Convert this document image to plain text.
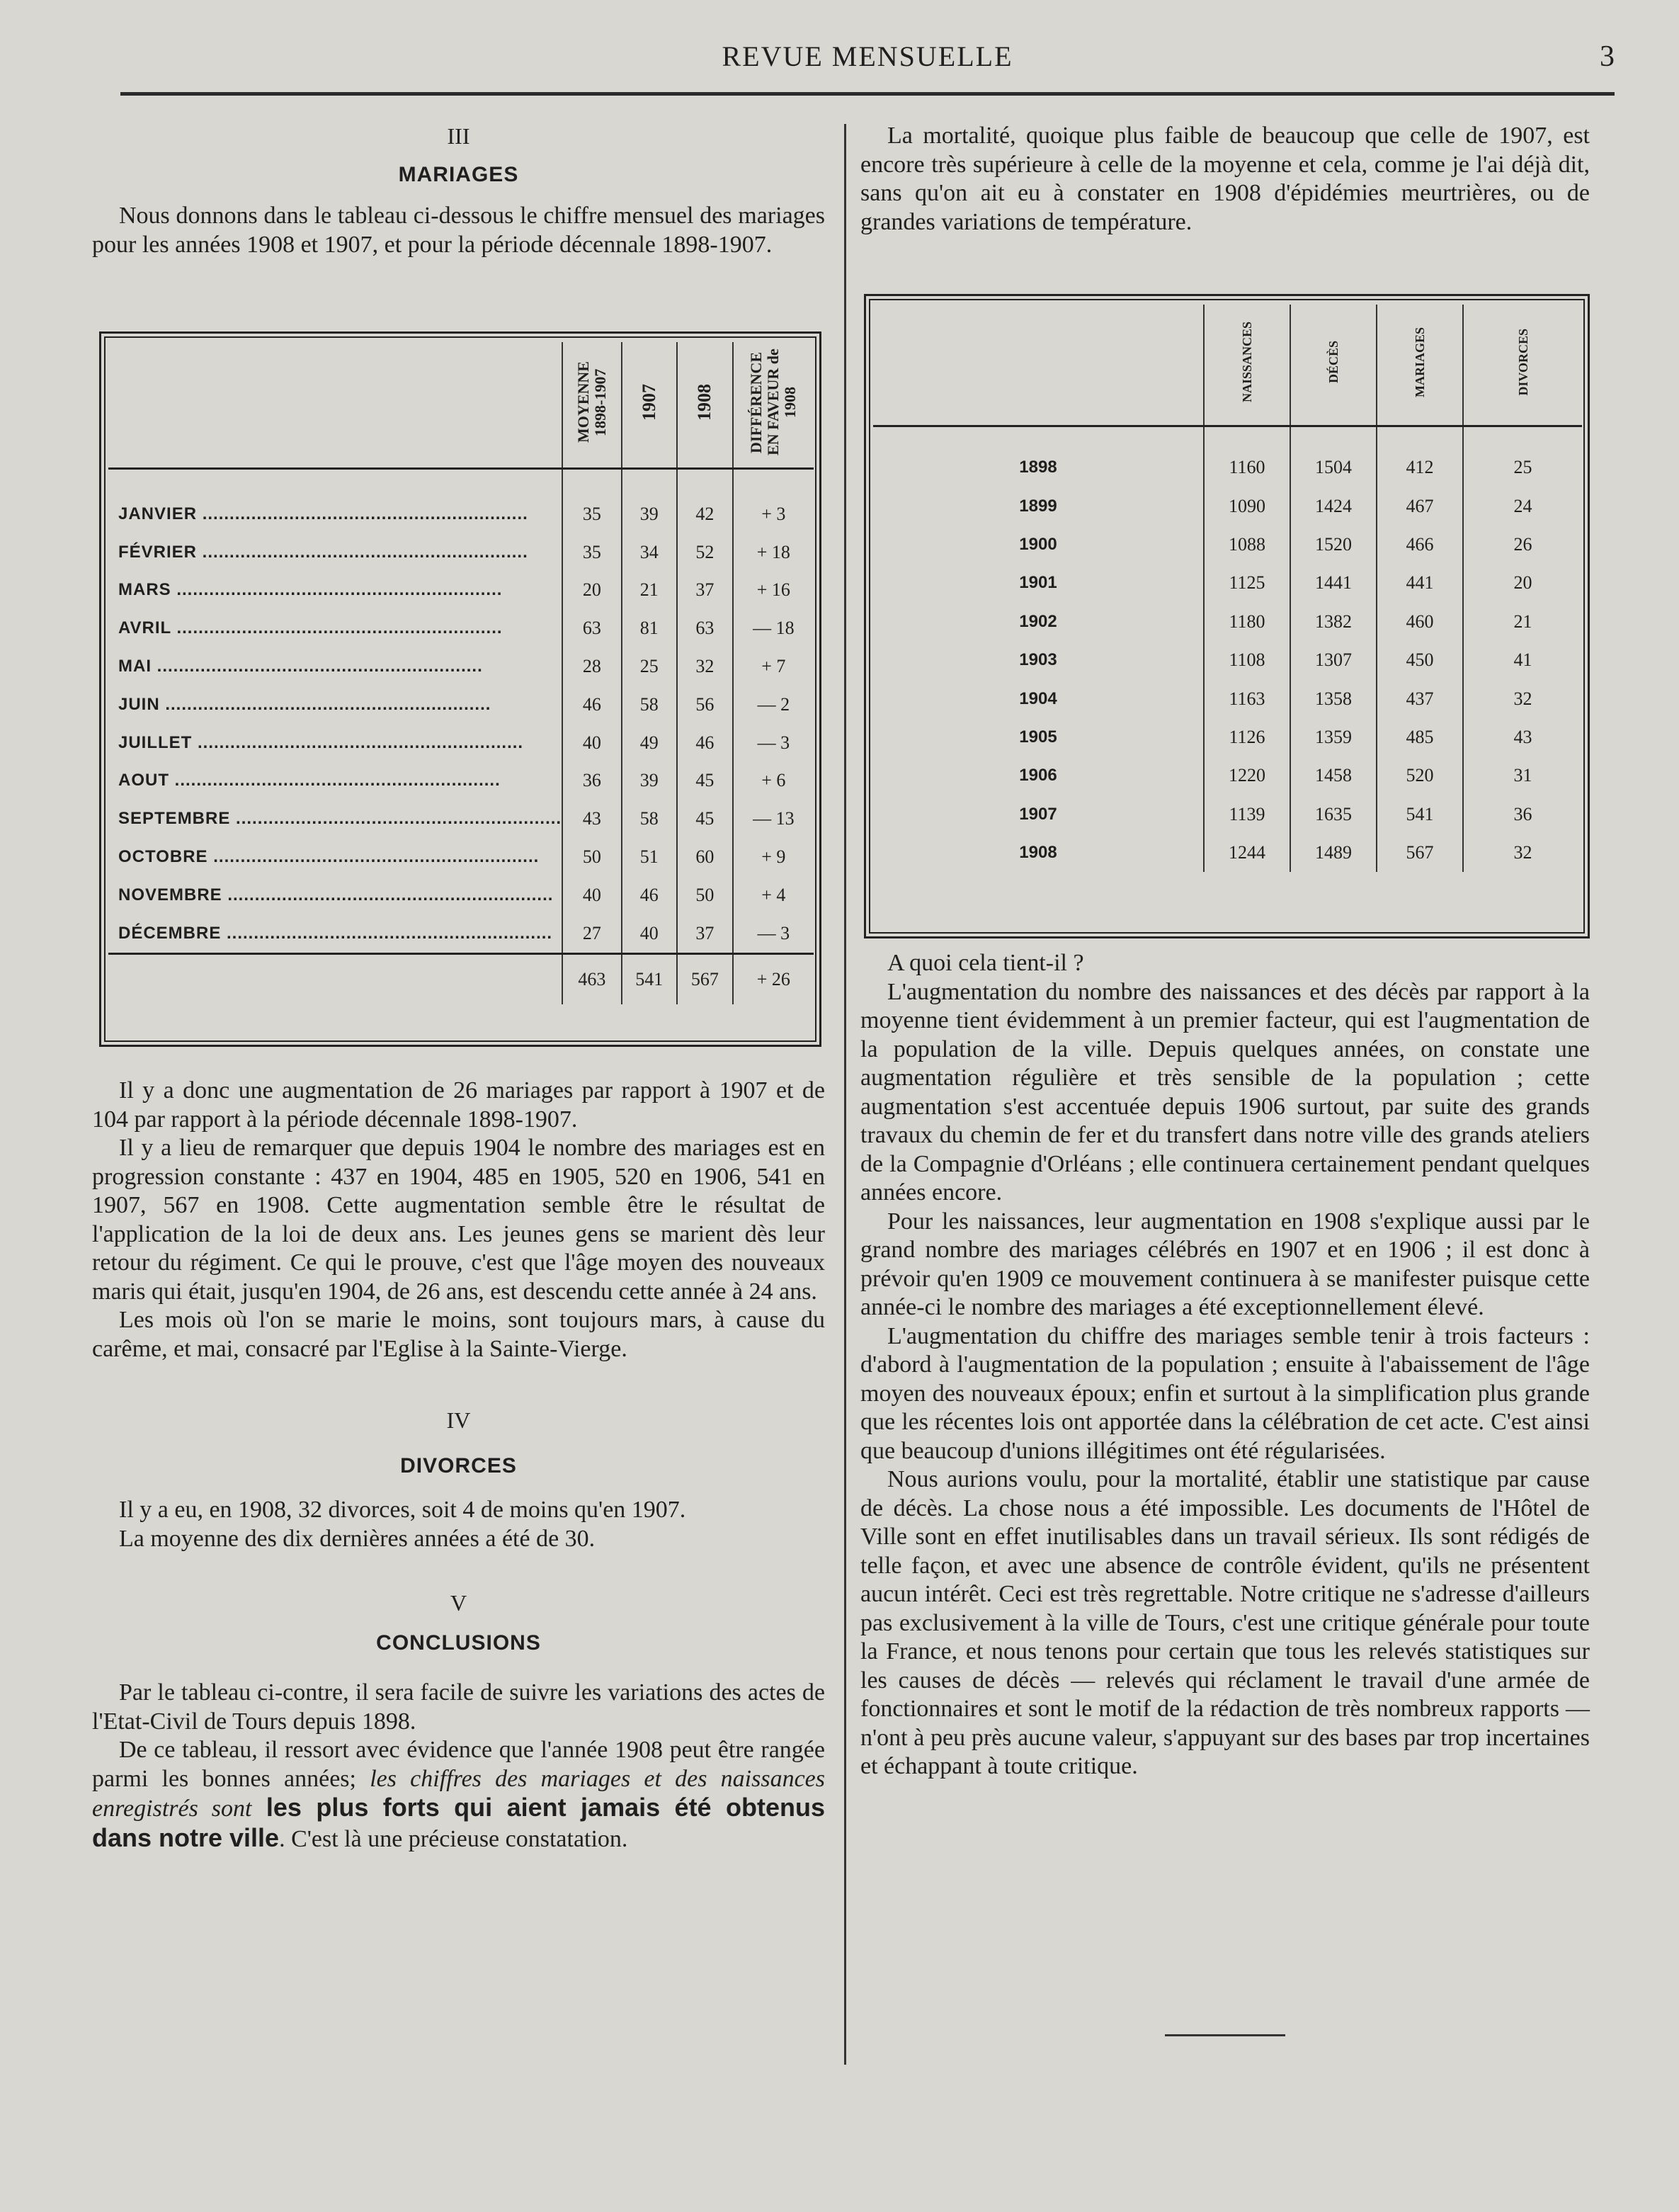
REVUE MENSUELLE	3
III
MARIAGES

Nous donnons dans le tableau ci-dessous le chiffre mensuel des mariages pour les années 1908 et 1907, et pour la période décennale 1898-1907.

	MOYENNE 1898-1907	1907	1908	DIFFÉRENCE EN FAVEUR de 1908

JANVIER ............................................................	35	39	42	+ 3
FÉVRIER ............................................................	35	34	52	+ 18
MARS ............................................................	20	21	37	+ 16
AVRIL ............................................................	63	81	63	— 18
MAI ............................................................	28	25	32	+ 7
JUIN ............................................................	46	58	56	— 2
JUILLET ............................................................	40	49	46	— 3
AOUT ............................................................	36	39	45	+ 6
SEPTEMBRE ............................................................	43	58	45	— 13
OCTOBRE ............................................................	50	51	60	+ 9
NOVEMBRE ............................................................	40	46	50	+ 4
DÉCEMBRE ............................................................	27	40	37	— 3
	463	541	567	+ 26

Il y a donc une augmentation de 26 mariages par rapport à 1907 et de 104 par rapport à la période décennale 1898-1907.

Il y a lieu de remarquer que depuis 1904 le nombre des mariages est en progression constante : 437 en 1904, 485 en 1905, 520 en 1906, 541 en 1907, 567 en 1908. Cette augmentation semble être le résultat de l'application de la loi de deux ans. Les jeunes gens se marient dès leur retour du régiment. Ce qui le prouve, c'est que l'âge moyen des nouveaux maris qui était, jusqu'en 1904, de 26 ans, est descendu cette année à 24 ans.

Les mois où l'on se marie le moins, sont toujours mars, à cause du carême, et mai, consacré par l'Eglise à la Sainte-Vierge.

IV
DIVORCES

Il y a eu, en 1908, 32 divorces, soit 4 de moins qu'en 1907.

La moyenne des dix dernières années a été de 30.

V
CONCLUSIONS

Par le tableau ci-contre, il sera facile de suivre les variations des actes de l'Etat-Civil de Tours depuis 1898.

De ce tableau, il ressort avec évidence que l'année 1908 peut être rangée parmi les bonnes années; les chiffres des mariages et des naissances enregistrés sont les plus forts qui aient jamais été obtenus dans notre ville. C'est là une précieuse constatation.

La mortalité, quoique plus faible de beaucoup que celle de 1907, est encore très supérieure à celle de la moyenne et cela, comme je l'ai déjà dit, sans qu'on ait eu à constater en 1908 d'épidémies meurtrières, ou de grandes variations de température.

	NAISSANCES	DÉCÈS	MARIAGES	DIVORCES

1898	1160	1504	412	25
1899	1090	1424	467	24
1900	1088	1520	466	26
1901	1125	1441	441	20
1902	1180	1382	460	21
1903	1108	1307	450	41
1904	1163	1358	437	32
1905	1126	1359	485	43
1906	1220	1458	520	31
1907	1139	1635	541	36
1908	1244	1489	567	32

A quoi cela tient-il ?

L'augmentation du nombre des naissances et des décès par rapport à la moyenne tient évidemment à un premier facteur, qui est l'augmentation de la population de la ville. Depuis quelques années, on constate une augmentation régulière et très sensible de la population ; cette augmentation s'est accentuée depuis 1906 surtout, par suite des grands travaux du chemin de fer et du transfert dans notre ville des grands ateliers de la Compagnie d'Orléans ; elle continuera certainement pendant quelques années encore.

Pour les naissances, leur augmentation en 1908 s'explique aussi par le grand nombre des mariages célébrés en 1907 et en 1906 ; il est donc à prévoir qu'en 1909 ce mouvement continuera à se manifester puisque cette année-ci le nombre des mariages a été exceptionnellement élevé.

L'augmentation du chiffre des mariages semble tenir à trois facteurs : d'abord à l'augmentation de la population ; ensuite à l'abaissement de l'âge moyen des nouveaux époux; enfin et surtout à la simplification plus grande que les récentes lois ont apportée dans la célébration de cet acte. C'est ainsi que beaucoup d'unions illégitimes ont été régularisées.

Nous aurions voulu, pour la mortalité, établir une statistique par cause de décès. La chose nous a été impossible. Les documents de l'Hôtel de Ville sont en effet inutilisables dans un travail sérieux. Ils sont rédigés de telle façon, et avec une absence de contrôle évident, qu'ils ne présentent aucun intérêt. Ceci est très regrettable. Notre critique ne s'adresse d'ailleurs pas exclusivement à la ville de Tours, c'est une critique générale pour toute la France, et nous tenons pour certain que tous les relevés statistiques sur les causes de décès — relevés qui réclament le travail d'une armée de fonctionnaires et sont le motif de la rédaction de très nombreux rapports — n'ont à peu près aucune valeur, s'appuyant sur des bases par trop incertaines et échappant à toute critique.
